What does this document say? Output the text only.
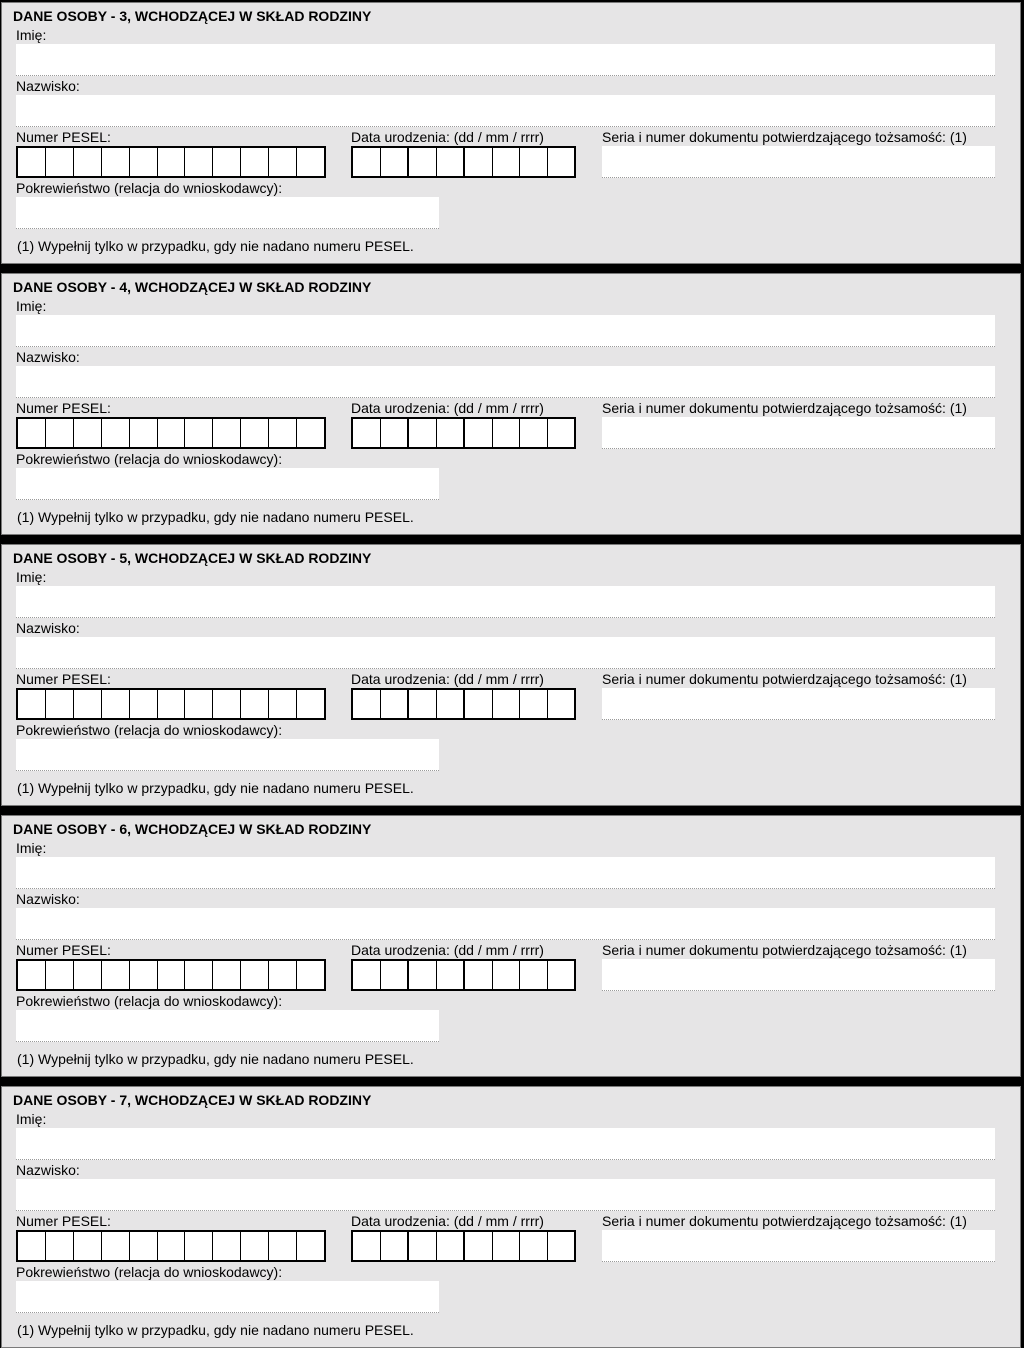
DANE OSOBY - 3, WCHODZĄCEJ W SKŁAD RODZINY
Imię:
Nazwisko:
Numer PESEL:	Data urodzenia: (dd / mm / rrrr)	Seria i numer dokumentu potwierdzającego tożsamość: (1)
Pokrewieństwo (relacja do wnioskodawcy):
(1) Wypełnij tylko w przypadku, gdy nie nadano numeru PESEL.
DANE OSOBY - 4, WCHODZĄCEJ W SKŁAD RODZINY
Imię:
Nazwisko:
Numer PESEL:	Data urodzenia: (dd / mm / rrrr)	Seria i numer dokumentu potwierdzającego tożsamość: (1)
Pokrewieństwo (relacja do wnioskodawcy):
(1) Wypełnij tylko w przypadku, gdy nie nadano numeru PESEL.
DANE OSOBY - 5, WCHODZĄCEJ W SKŁAD RODZINY
Imię:
Nazwisko:
Numer PESEL:	Data urodzenia: (dd / mm / rrrr)	Seria i numer dokumentu potwierdzającego tożsamość: (1)
Pokrewieństwo (relacja do wnioskodawcy):
(1) Wypełnij tylko w przypadku, gdy nie nadano numeru PESEL.
DANE OSOBY - 6, WCHODZĄCEJ W SKŁAD RODZINY
Imię:
Nazwisko:
Numer PESEL:	Data urodzenia: (dd / mm / rrrr)	Seria i numer dokumentu potwierdzającego tożsamość: (1)
Pokrewieństwo (relacja do wnioskodawcy):
(1) Wypełnij tylko w przypadku, gdy nie nadano numeru PESEL.
DANE OSOBY - 7, WCHODZĄCEJ W SKŁAD RODZINY
Imię:
Nazwisko:
Numer PESEL:	Data urodzenia: (dd / mm / rrrr)	Seria i numer dokumentu potwierdzającego tożsamość: (1)
Pokrewieństwo (relacja do wnioskodawcy):
(1) Wypełnij tylko w przypadku, gdy nie nadano numeru PESEL.
